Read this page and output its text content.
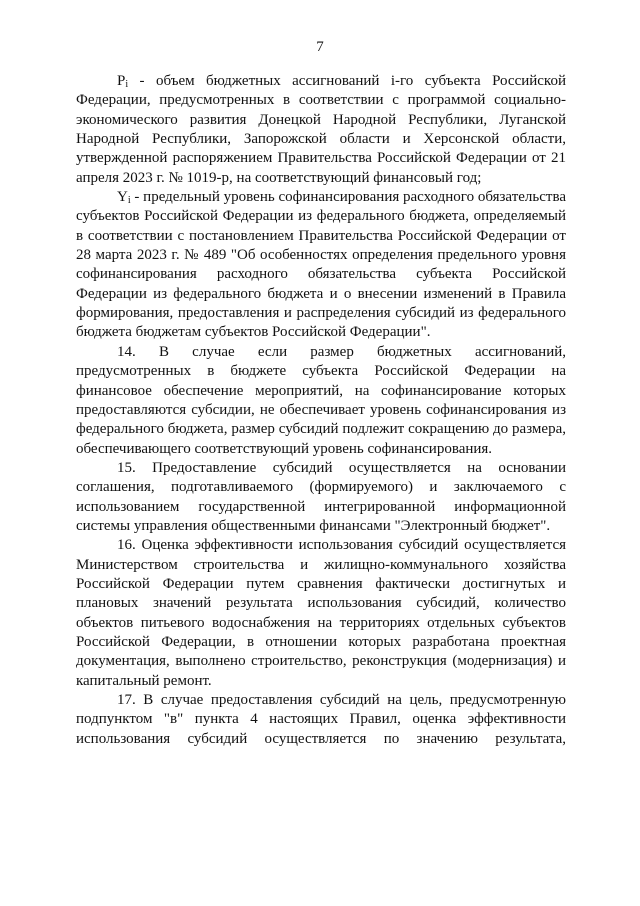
7

$P_i$ - объем бюджетных ассигнований i-го субъекта Российской Федерации, предусмотренных в соответствии с программой социально-экономического развития Донецкой Народной Республики, Луганской Народной Республики, Запорожской области и Херсонской области, утвержденной распоряжением Правительства Российской Федерации от 21 апреля 2023 г. № 1019-р, на соответствующий финансовый год;

$Y_i$ - предельный уровень софинансирования расходного обязательства субъектов Российской Федерации из федерального бюджета, определяемый в соответствии с постановлением Правительства Российской Федерации от 28 марта 2023 г. № 489 "Об особенностях определения предельного уровня софинансирования расходного обязательства субъекта Российской Федерации из федерального бюджета и о внесении изменений в Правила формирования, предоставления и распределения субсидий из федерального бюджета бюджетам субъектов Российской Федерации".

14. В случае если размер бюджетных ассигнований, предусмотренных в бюджете субъекта Российской Федерации на финансовое обеспечение мероприятий, на софинансирование которых предоставляются субсидии, не обеспечивает уровень софинансирования из федерального бюджета, размер субсидий подлежит сокращению до размера, обеспечивающего соответствующий уровень софинансирования.

15. Предоставление субсидий осуществляется на основании соглашения, подготавливаемого (формируемого) и заключаемого с использованием государственной интегрированной информационной системы управления общественными финансами "Электронный бюджет".

16. Оценка эффективности использования субсидий осуществляется Министерством строительства и жилищно-коммунального хозяйства Российской Федерации путем сравнения фактически достигнутых и плановых значений результата использования субсидий, количество объектов питьевого водоснабжения на территориях отдельных субъектов Российской Федерации, в отношении которых разработана проектная документация, выполнено строительство, реконструкция (модернизация) и капитальный ремонт.

17. В случае предоставления субсидий на цель, предусмотренную подпунктом "в" пункта 4 настоящих Правил, оценка эффективности использования субсидий осуществляется по значению результата,
